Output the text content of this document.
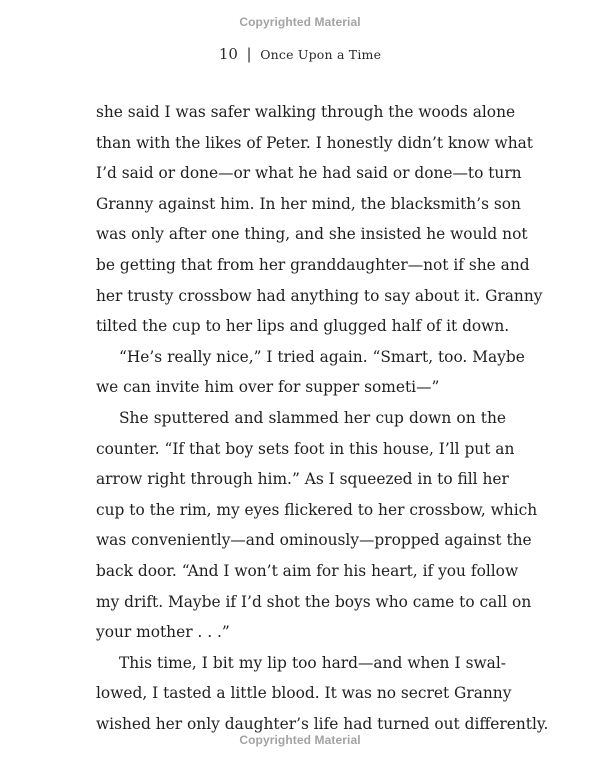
Copyrighted Material
10 | Once Upon a Time
she said I was safer walking through the woods alone
than with the likes of Peter. I honestly didn’t know what
I’d said or done—or what he had said or done—to turn
Granny against him. In her mind, the blacksmith’s son
was only after one thing, and she insisted he would not
be getting that from her granddaughter—not if she and
her trusty crossbow had anything to say about it. Granny
tilted the cup to her lips and glugged half of it down.
“He’s really nice,” I tried again. “Smart, too. Maybe
we can invite him over for supper someti—”
She sputtered and slammed her cup down on the
counter. “If that boy sets foot in this house, I’ll put an
arrow right through him.” As I squeezed in to fill her
cup to the rim, my eyes flickered to her crossbow, which
was conveniently—and ominously—propped against the
back door. “And I won’t aim for his heart, if you follow
my drift. Maybe if I’d shot the boys who came to call on
your mother . . .”
This time, I bit my lip too hard—and when I swal-
lowed, I tasted a little blood. It was no secret Granny
wished her only daughter’s life had turned out differently.
Copyrighted Material
